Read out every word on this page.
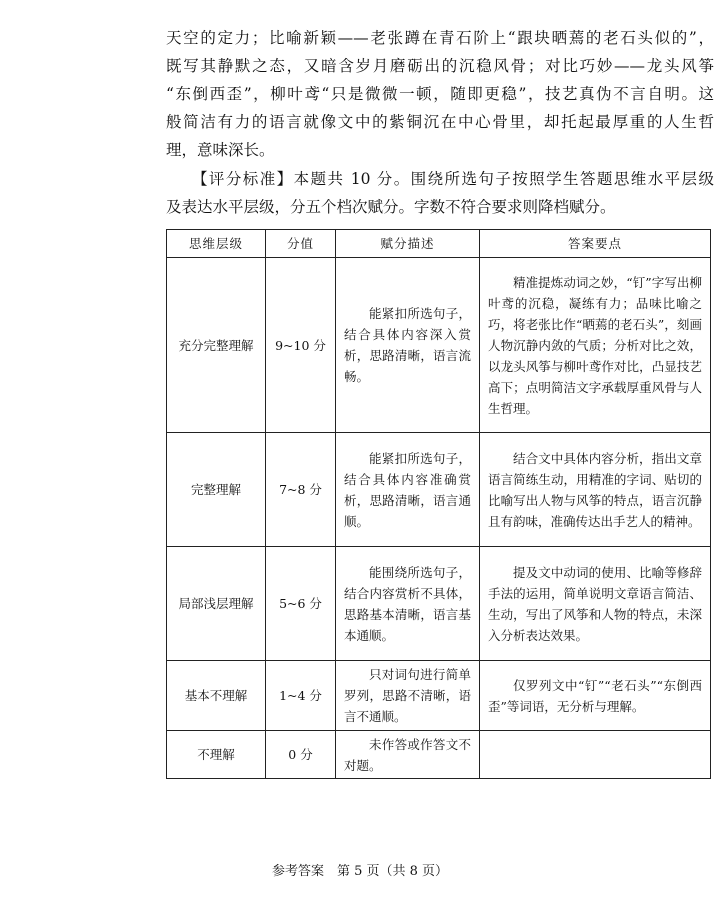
天空的定力；比喻新颖——老张蹲在青石阶上“跟块晒蔫的老石头似的”，
既写其静默之态，又暗含岁月磨砺出的沉稳风骨；对比巧妙——龙头风筝
“东倒西歪”，柳叶鸢“只是微微一顿，随即更稳”，技艺真伪不言自明。这
般简洁有力的语言就像文中的紫铜沉在中心骨里，却托起最厚重的人生哲
理，意味深长。
【评分标准】本题共 10 分。围绕所选句子按照学生答题思维水平层级
及表达水平层级，分五个档次赋分。字数不符合要求则降档赋分。
思维层级	分值	赋分描述	答案要点
充分完整理解	9~10 分	能紧扣所选句子，结合具体内容深入赏析，思路清晰，语言流畅。	精准提炼动词之妙，“钉”字写出柳叶鸢的沉稳，凝练有力；品味比喻之巧，将老张比作“晒蔫的老石头”，刻画人物沉静内敛的气质；分析对比之效，以龙头风筝与柳叶鸢作对比，凸显技艺高下；点明简洁文字承载厚重风骨与人生哲理。

完整理解	7~8 分	能紧扣所选句子，结合具体内容准确赏析，思路清晰，语言通顺。	结合文中具体内容分析，指出文章语言简练生动，用精准的字词、贴切的比喻写出人物与风筝的特点，语言沉静且有韵味，准确传达出手艺人的精神。

局部浅层理解	5~6 分	能围绕所选句子，结合内容赏析不具体，思路基本清晰，语言基本通顺。	提及文中动词的使用、比喻等修辞手法的运用，简单说明文章语言简洁、生动，写出了风筝和人物的特点，未深入分析表达效果。

基本不理解	1~4 分	只对词句进行简单罗列，思路不清晰，语言不通顺。	仅罗列文中“钉”“老石头”“东倒西歪”等词语，无分析与理解。

不理解	0 分	未作答或作答文不对题。	

参考答案　第 5 页（共 8 页）
